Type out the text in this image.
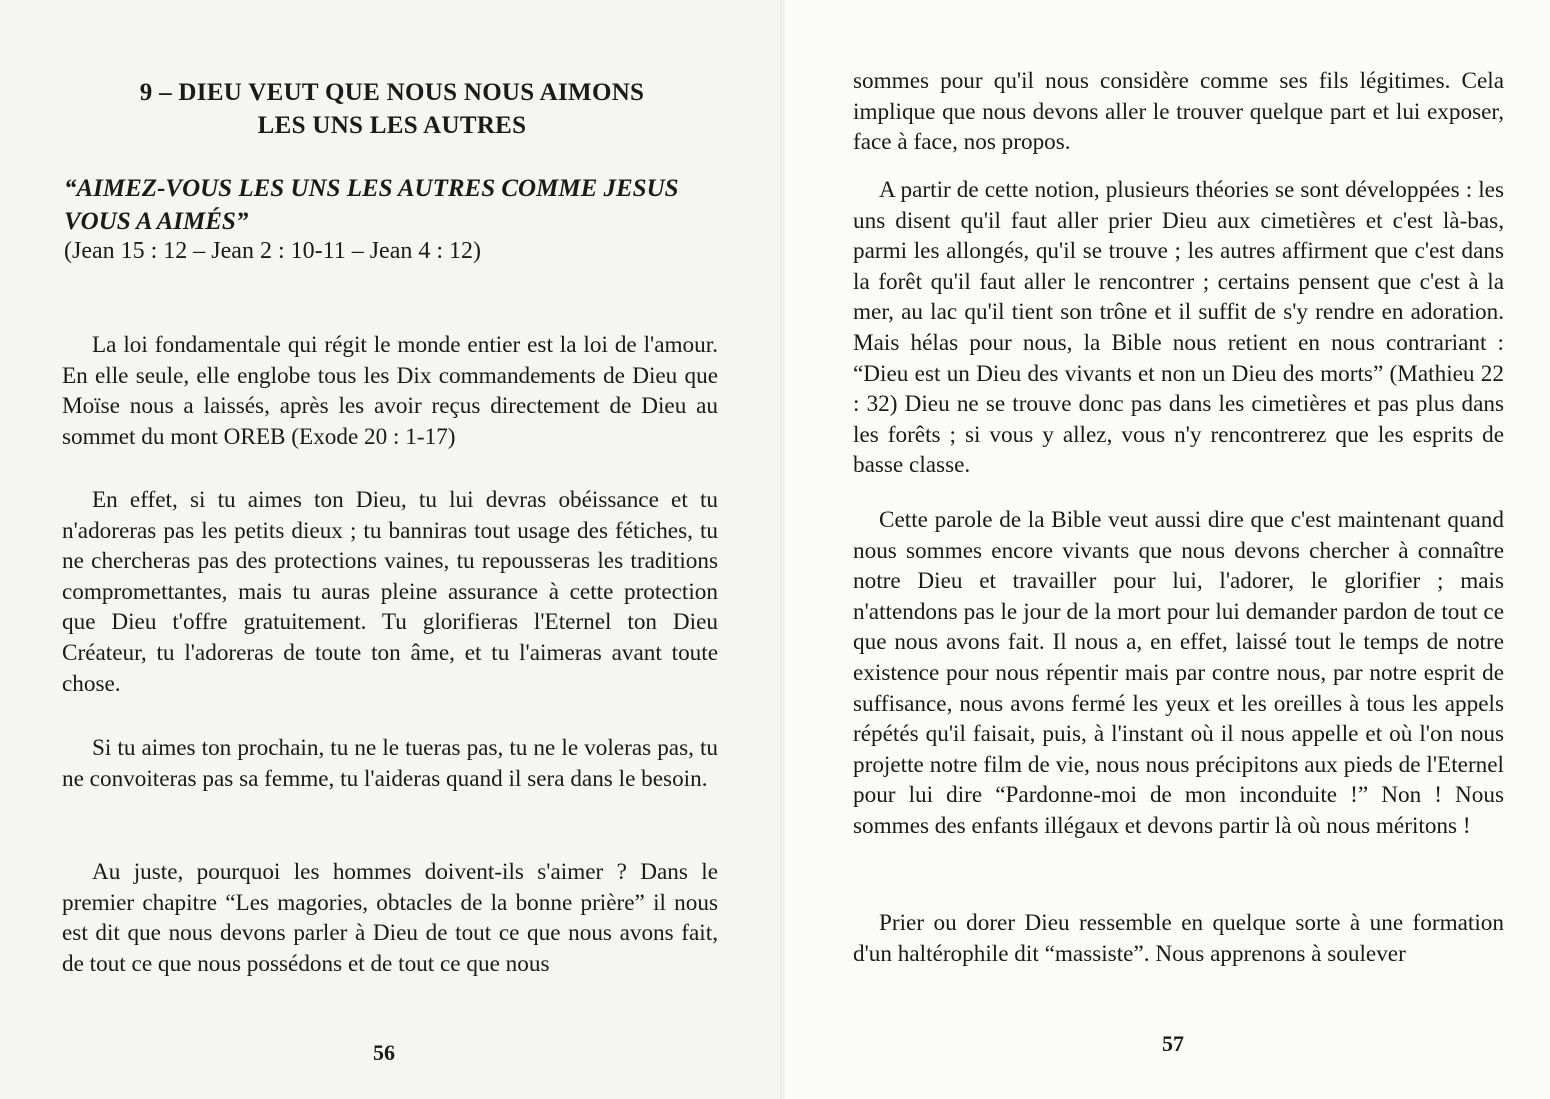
9 – DIEU VEUT QUE NOUS NOUS AIMONS
LES UNS LES AUTRES
“AIMEZ-VOUS LES UNS LES AUTRES COMME JESUS VOUS A AIMÉS”
(Jean 15 : 12 – Jean 2 : 10-11 – Jean 4 : 12)

La loi fondamentale qui régit le monde entier est la loi de l'amour. En elle seule, elle englobe tous les Dix commandements de Dieu que Moïse nous a laissés, après les avoir reçus directement de Dieu au sommet du mont OREB (Exode 20 : 1-17)

En effet, si tu aimes ton Dieu, tu lui devras obéissance et tu n'adoreras pas les petits dieux ; tu banniras tout usage des fétiches, tu ne chercheras pas des protections vaines, tu repousseras les traditions compromettantes, mais tu auras pleine assurance à cette protection que Dieu t'offre gratuitement. Tu glorifieras l'Eternel ton Dieu Créateur, tu l'adoreras de toute ton âme, et tu l'aimeras avant toute chose.

Si tu aimes ton prochain, tu ne le tueras pas, tu ne le voleras pas, tu ne convoiteras pas sa femme, tu l'aideras quand il sera dans le besoin.

Au juste, pourquoi les hommes doivent-ils s'aimer ? Dans le premier chapitre “Les magories, obtacles de la bonne prière” il nous est dit que nous devons parler à Dieu de tout ce que nous avons fait, de tout ce que nous possédons et de tout ce que nous

56

sommes pour qu'il nous considère comme ses fils légitimes. Cela implique que nous devons aller le trouver quelque part et lui exposer, face à face, nos propos.

A partir de cette notion, plusieurs théories se sont développées : les uns disent qu'il faut aller prier Dieu aux cimetières et c'est là-bas, parmi les allongés, qu'il se trouve ; les autres affirment que c'est dans la forêt qu'il faut aller le rencontrer ; certains pensent que c'est à la mer, au lac qu'il tient son trône et il suffit de s'y rendre en adoration. Mais hélas pour nous, la Bible nous retient en nous contrariant : “Dieu est un Dieu des vivants et non un Dieu des morts” (Mathieu 22 : 32) Dieu ne se trouve donc pas dans les cimetières et pas plus dans les forêts ; si vous y allez, vous n'y rencontrerez que les esprits de basse classe.

Cette parole de la Bible veut aussi dire que c'est maintenant quand nous sommes encore vivants que nous devons chercher à connaître notre Dieu et travailler pour lui, l'adorer, le glorifier ; mais n'attendons pas le jour de la mort pour lui demander pardon de tout ce que nous avons fait. Il nous a, en effet, laissé tout le temps de notre existence pour nous répentir mais par contre nous, par notre esprit de suffisance, nous avons fermé les yeux et les oreilles à tous les appels répétés qu'il faisait, puis, à l'instant où il nous appelle et où l'on nous projette notre film de vie, nous nous précipitons aux pieds de l'Eternel pour lui dire “Pardonne-moi de mon inconduite !” Non ! Nous sommes des enfants illégaux et devons partir là où nous méritons !

Prier ou dorer Dieu ressemble en quelque sorte à une formation d'un haltérophile dit “massiste”. Nous apprenons à soulever

57
